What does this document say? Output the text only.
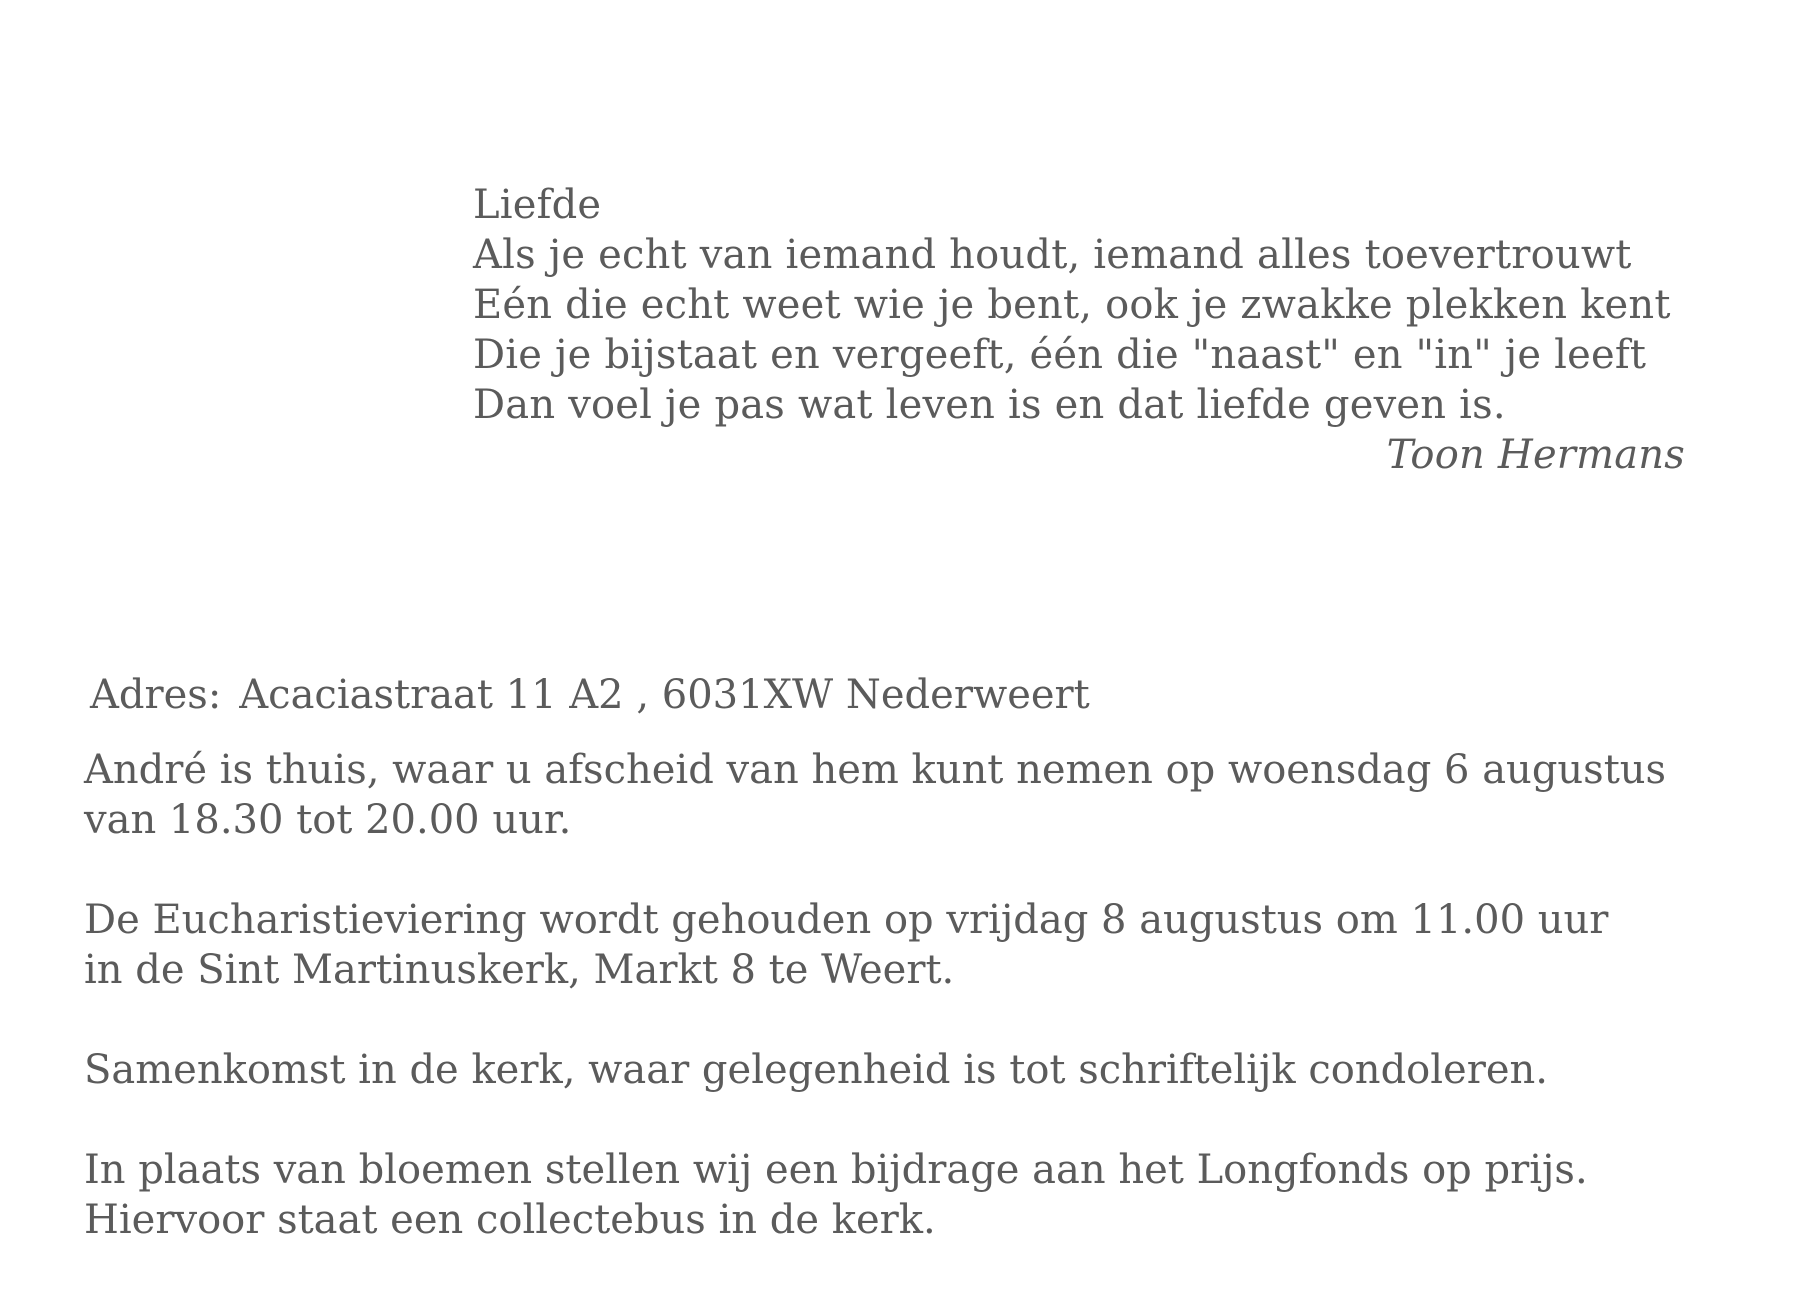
Liefde
Als je echt van iemand houdt, iemand alles toevertrouwt
Eén die echt weet wie je bent, ook je zwakke plekken kent
Die je bijstaat en vergeeft, één die "naast" en "in" je leeft
Dan voel je pas wat leven is en dat liefde geven is.
Toon Hermans
Adres: Acaciastraat 11 A2 , 6031XW Nederweert
André is thuis, waar u afscheid van hem kunt nemen op woensdag 6 augustus
van 18.30 tot 20.00 uur.
De Eucharistieviering wordt gehouden op vrijdag 8 augustus om 11.00 uur
in de Sint Martinuskerk, Markt 8 te Weert.
Samenkomst in de kerk, waar gelegenheid is tot schriftelijk condoleren.
In plaats van bloemen stellen wij een bijdrage aan het Longfonds op prijs.
Hiervoor staat een collectebus in de kerk.
